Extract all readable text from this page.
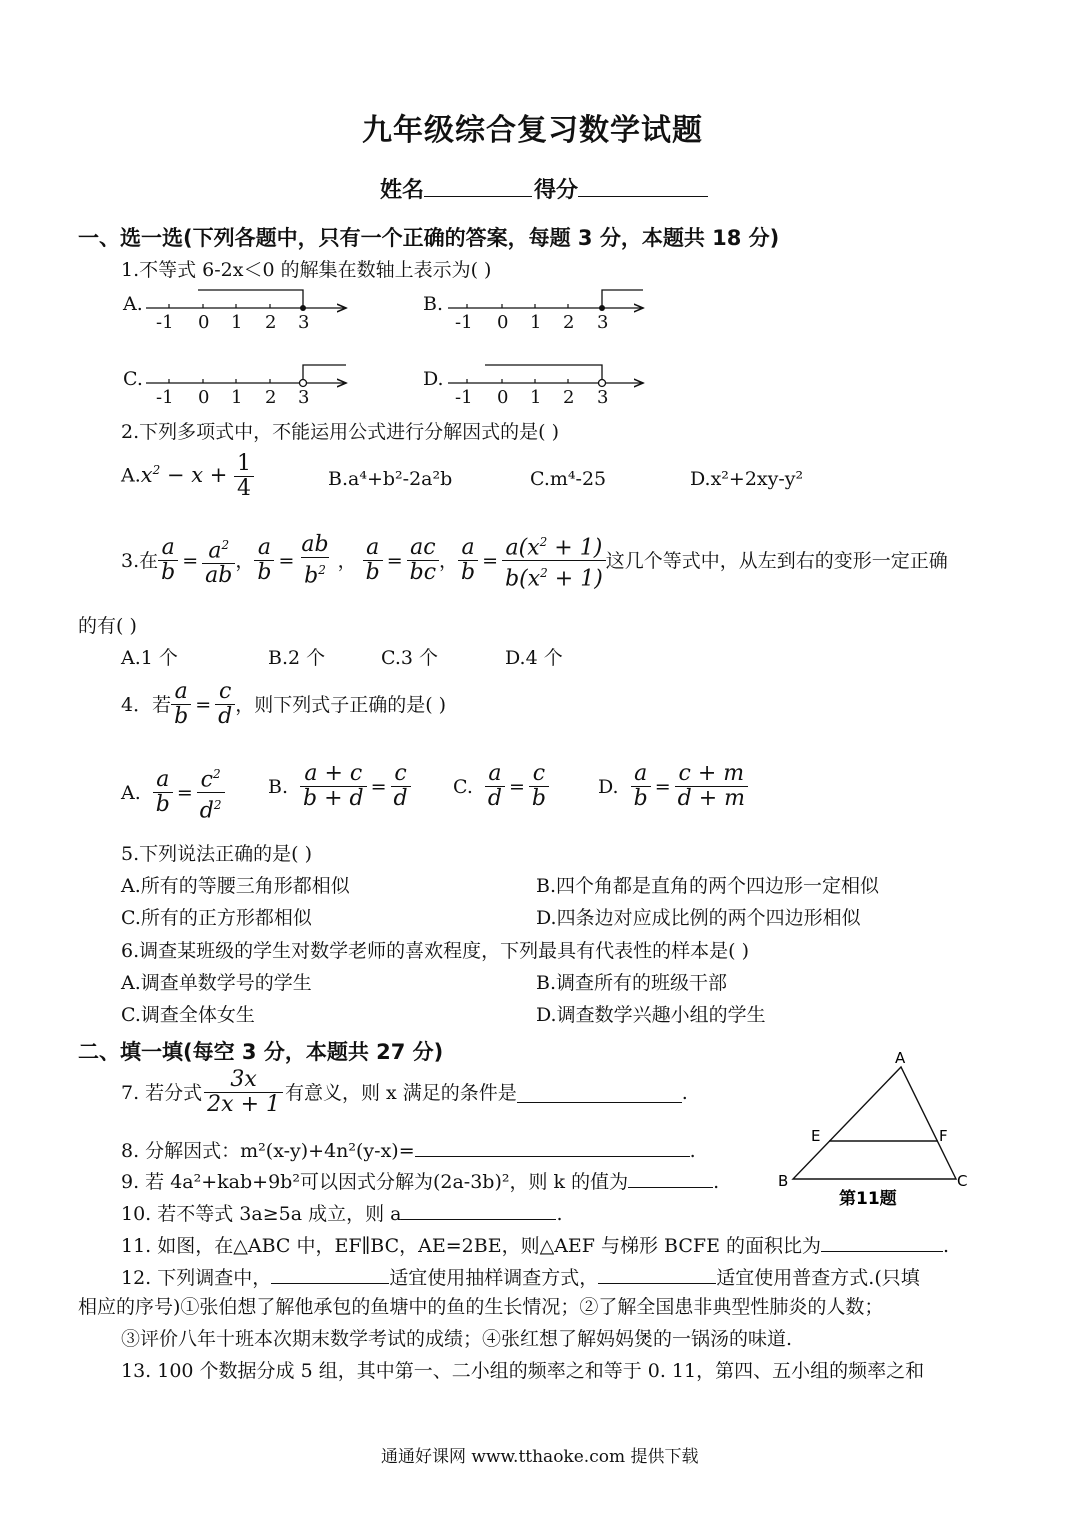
九年级综合复习数学试题
姓名	得分
一、选一选(下列各题中，只有一个正确的答案，每题 3 分，本题共 18 分)
1.不等式 6-2x＜0 的解集在数轴上表示为( )
A.	B.
C.	D.
-1 0 1 2 3	-1 0 1 2 3
-1 0 1 2 3	-1 0 1 2 3
2.下列多项式中，不能运用公式进行分解因式的是( )
$A.x^2 - x + \frac{1}{4}$	B.a⁴+b²-2a²b	C.m⁴-25	D.x²+2xy-y²
3.在 $\frac{a}{b} = \frac{a^2}{ab}$ ， $\frac{a}{b} = \frac{ab}{b^2}$ ， $\frac{a}{b} = \frac{ac}{bc}$ ， $\frac{a}{b} = \frac{a(x^2 + 1)}{b(x^2 + 1)}$ 这几个等式中，从左到右的变形一定正确
的有( )
A.1 个	B.2 个	C.3 个	D.4 个
4．若 $\frac{a}{b} = \frac{c}{d}$ ，则下列式子正确的是( )
A. $\frac{a}{b} = \frac{c^2}{d^2} B$. $\frac{a + c}{b + d} = \frac{c}{d} C$. $\frac{a}{d} = \frac{c}{b}$	D. $\frac{a}{b} = \frac{c + m}{d + m}$
5.下列说法正确的是( )
A.所有的等腰三角形都相似	B.四个角都是直角的两个四边形一定相似
C.所有的正方形都相似	D.四条边对应成比例的两个四边形相似
6.调查某班级的学生对数学老师的喜欢程度，下列最具有代表性的样本是( )
A.调查单数学号的学生	B.调查所有的班级干部
C.调查全体女生	D.调查数学兴趣小组的学生
二、填一填(每空 3 分，本题共 27 分)
7. 若分式 $\frac{3x}{2x + 1}$ 有意义，则 x 满足的条件是	.
8. 分解因式：m²(x-y)+4n²(y-x)=	.
9. 若 4a²+kab+9b²可以因式分解为(2a-3b)²，则 k 的值为	.
10. 若不等式 3a≥5a 成立，则 a	.
11. 如图，在△ABC 中，EF∥BC，AE=2BE，则△AEF 与梯形 BCFE 的面积比为	.
12. 下列调查中，	适宜使用抽样调查方式，	适宜使用普查方式.(只填
相应的序号)①张伯想了解他承包的鱼塘中的鱼的生长情况；②了解全国患非典型性肺炎的人数；
③评价八年十班本次期末数学考试的成绩；④张红想了解妈妈煲的一锅汤的味道.
13. 100 个数据分成 5 组，其中第一、二小组的频率之和等于 0. 11，第四、五小组的频率之和
A
E	F
B	C
第11题
通通好课网 www.tthaoke.com 提供下载
